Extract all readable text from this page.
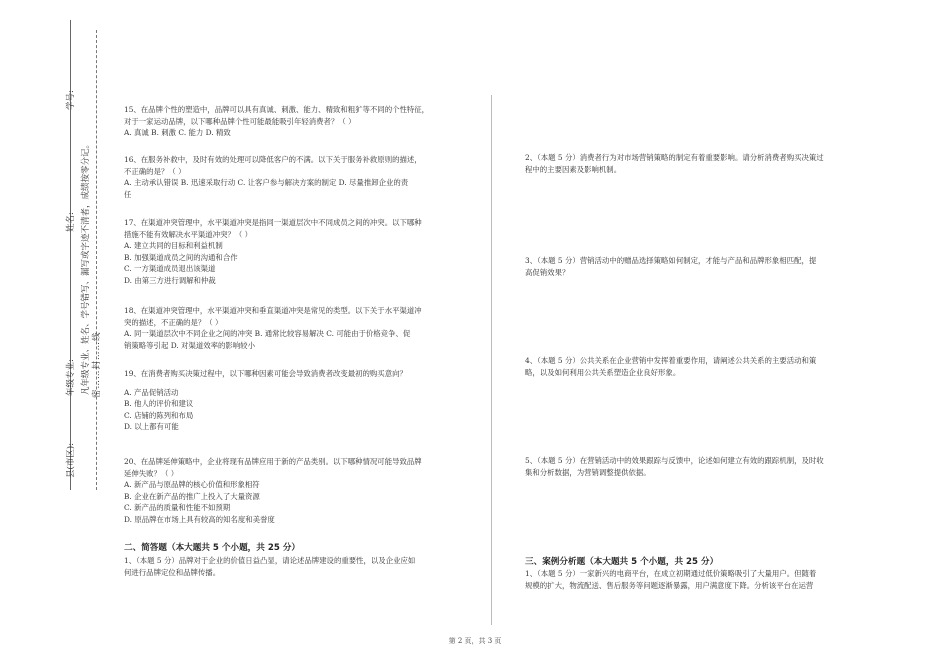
学号:
姓名:
年级专业:
县(市区):
凡年级专业、姓名、学号错写、漏写或字迹不清者，成绩按零分记。 密……封……线

15、在品牌个性的塑造中，品牌可以具有真诚、刺激、能力、精致和粗犷等不同的个性特征，

对于一家运动品牌，以下哪种品牌个性可能最能吸引年轻消费者？（ ）

A. 真诚 B. 刺激 C. 能力 D. 精致

16、在服务补救中，及时有效的处理可以降低客户的不满。以下关于服务补救原则的描述，

不正确的是？（ ）

A. 主动承认错误 B. 迅速采取行动 C. 让客户参与解决方案的制定 D. 尽量推卸企业的责

任

17、在渠道冲突管理中，水平渠道冲突是指同一渠道层次中不同成员之间的冲突。以下哪种

措施不能有效解决水平渠道冲突？（ ）

A. 建立共同的目标和利益机制

B. 加强渠道成员之间的沟通和合作

C. 一方渠道成员退出该渠道

D. 由第三方进行调解和仲裁

18、在渠道冲突管理中，水平渠道冲突和垂直渠道冲突是常见的类型。以下关于水平渠道冲

突的描述，不正确的是？（ ）

A. 同一渠道层次中不同企业之间的冲突 B. 通常比较容易解决 C. 可能由于价格竞争、促

销策略等引起 D. 对渠道效率的影响较小

19、在消费者购买决策过程中，以下哪种因素可能会导致消费者改变最初的购买意向？

A. 产品促销活动

B. 他人的评价和建议

C. 店铺的陈列和布局

D. 以上都有可能

20、在品牌延伸策略中，企业将现有品牌应用于新的产品类别。以下哪种情况可能导致品牌

延伸失败？（ ）

A. 新产品与原品牌的核心价值和形象相符

B. 企业在新产品的推广上投入了大量资源

C. 新产品的质量和性能不如预期

D. 原品牌在市场上具有较高的知名度和美誉度

二、简答题（本大题共 5 个小题，共 25 分）

1、（本题 5 分）品牌对于企业的价值日益凸显，请论述品牌建设的重要性，以及企业应如

何进行品牌定位和品牌传播。

2、（本题 5 分）消费者行为对市场营销策略的制定有着重要影响。请分析消费者购买决策过

程中的主要因素及影响机制。

3、（本题 5 分）营销活动中的赠品选择策略如何制定，才能与产品和品牌形象相匹配，提

高促销效果？

4、（本题 5 分）公共关系在企业营销中发挥着重要作用，请阐述公共关系的主要活动和策

略，以及如何利用公共关系塑造企业良好形象。

5、（本题 5 分）在营销活动中的效果跟踪与反馈中，论述如何建立有效的跟踪机制，及时收

集和分析数据，为营销调整提供依据。

三、案例分析题（本大题共 5 个小题，共 25 分）

1、（本题 5 分）一家新兴的电商平台，在成立初期通过低价策略吸引了大量用户。但随着

规模的扩大，物流配送、售后服务等问题逐渐暴露，用户满意度下降。分析该平台在运营

第 2 页，共 3 页
